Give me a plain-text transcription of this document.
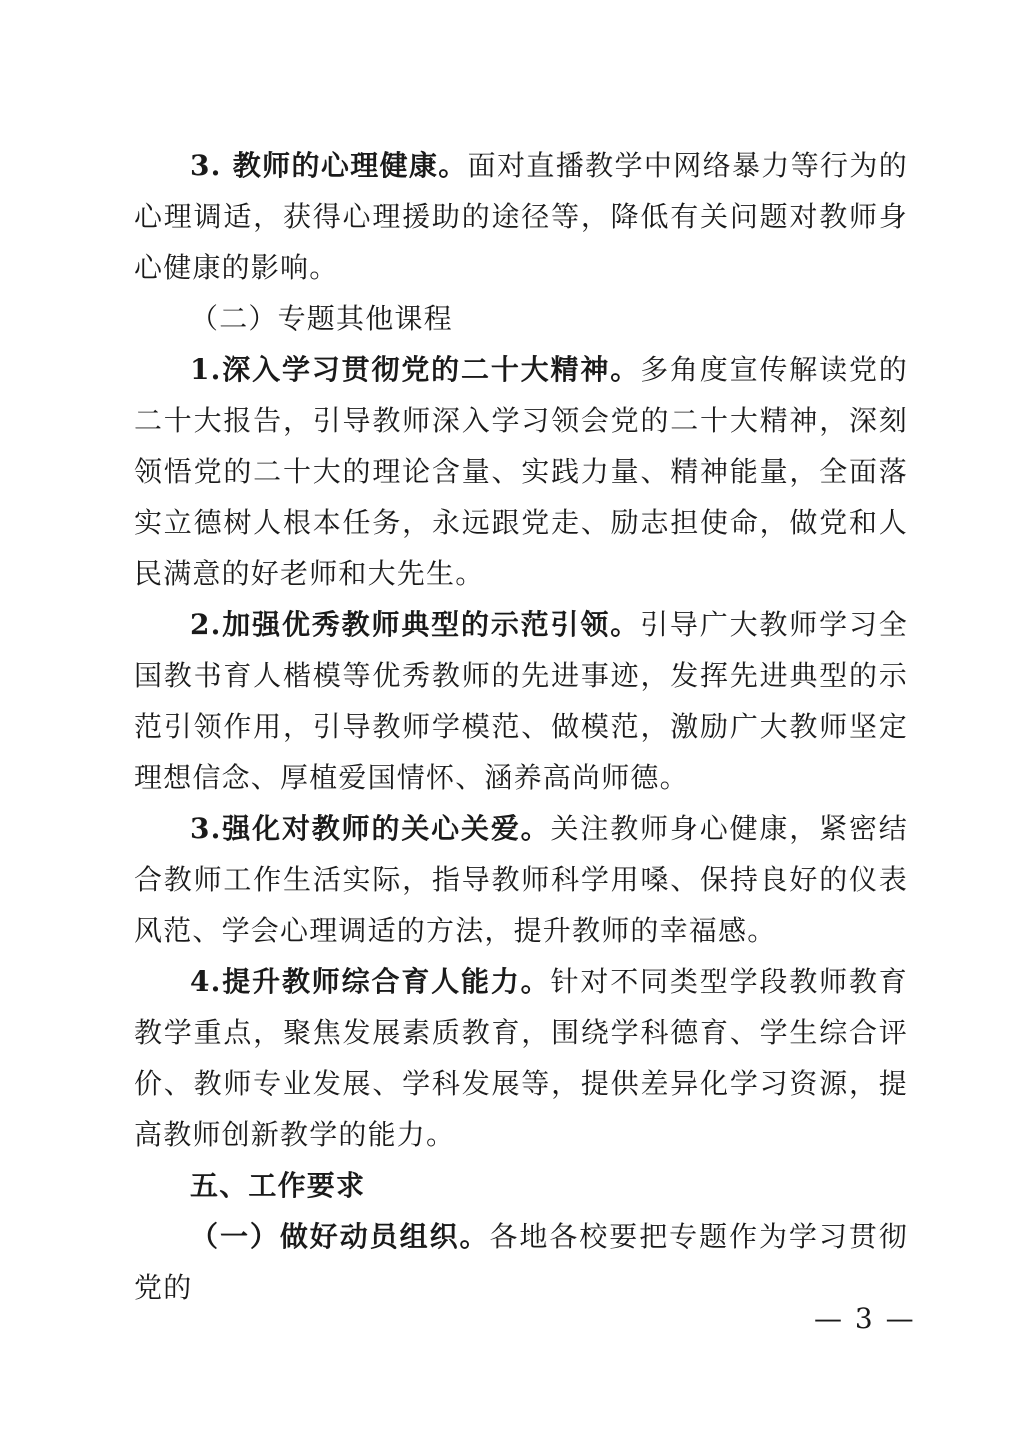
3. 教师的心理健康。面对直播教学中网络暴力等行为的心理调适，获得心理援助的途径等，降低有关问题对教师身心健康的影响。

（二）专题其他课程

1.深入学习贯彻党的二十大精神。多角度宣传解读党的二十大报告，引导教师深入学习领会党的二十大精神，深刻领悟党的二十大的理论含量、实践力量、精神能量，全面落实立德树人根本任务，永远跟党走、励志担使命，做党和人民满意的好老师和大先生。

2.加强优秀教师典型的示范引领。引导广大教师学习全国教书育人楷模等优秀教师的先进事迹，发挥先进典型的示范引领作用，引导教师学模范、做模范，激励广大教师坚定理想信念、厚植爱国情怀、涵养高尚师德。

3.强化对教师的关心关爱。关注教师身心健康，紧密结合教师工作生活实际，指导教师科学用嗓、保持良好的仪表风范、学会心理调适的方法，提升教师的幸福感。

4.提升教师综合育人能力。针对不同类型学段教师教育教学重点，聚焦发展素质教育，围绕学科德育、学生综合评价、教师专业发展、学科发展等，提供差异化学习资源，提高教师创新教学的能力。

五、工作要求

（一）做好动员组织。各地各校要把专题作为学习贯彻党的

— 3 —
